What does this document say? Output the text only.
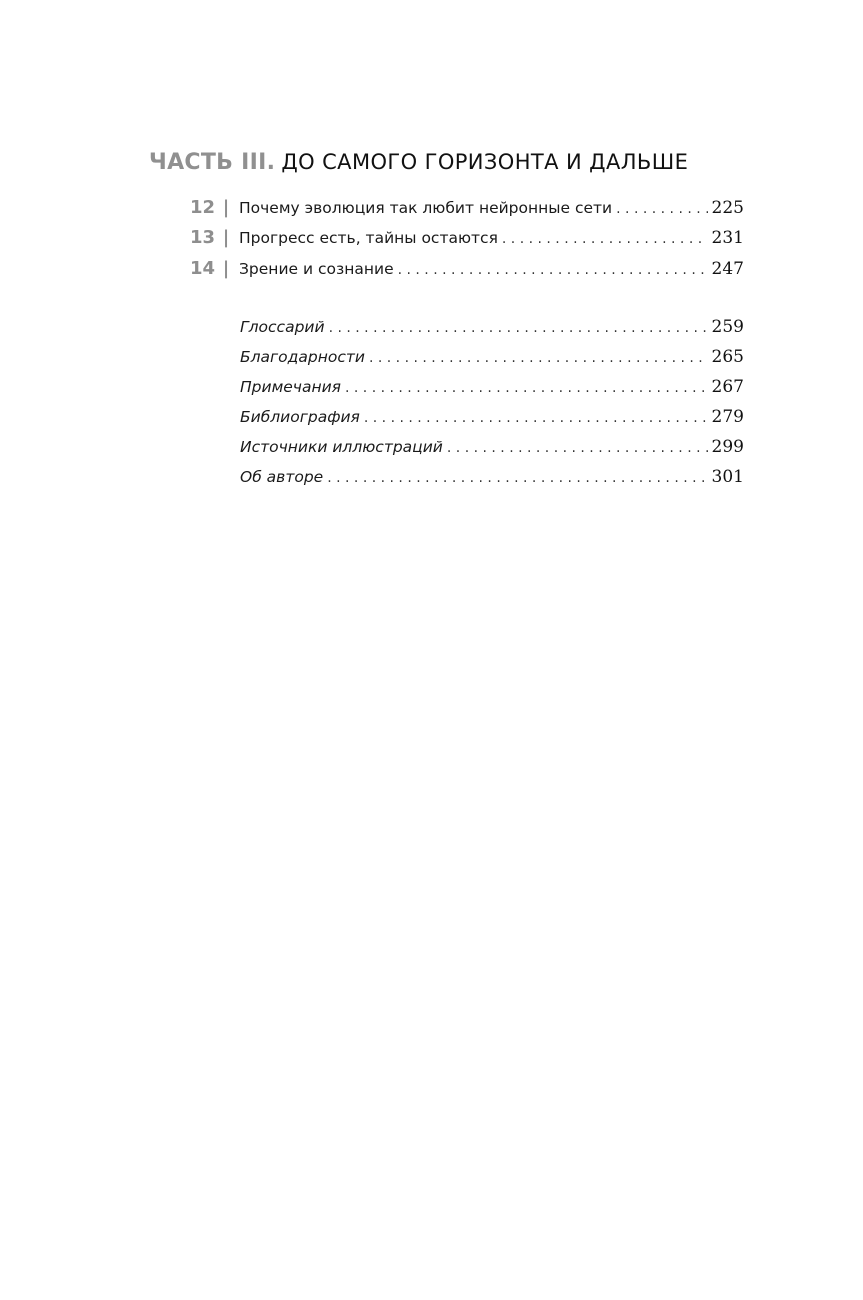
ЧАСТЬ III. ДО САМОГО ГОРИЗОНТА И ДАЛЬШЕ
12 | Почему эволюция так любит нейронные сети . . .	225
13 | Прогресс есть, тайны остаются . . .	231
14 | Зрение и сознание . . .	247
Глоссарий . . .	259
Благодарности . . .	265
Примечания . . .	267
Библиография . . .	279
Источники иллюстраций . . .	299
Об авторе . . .	301
